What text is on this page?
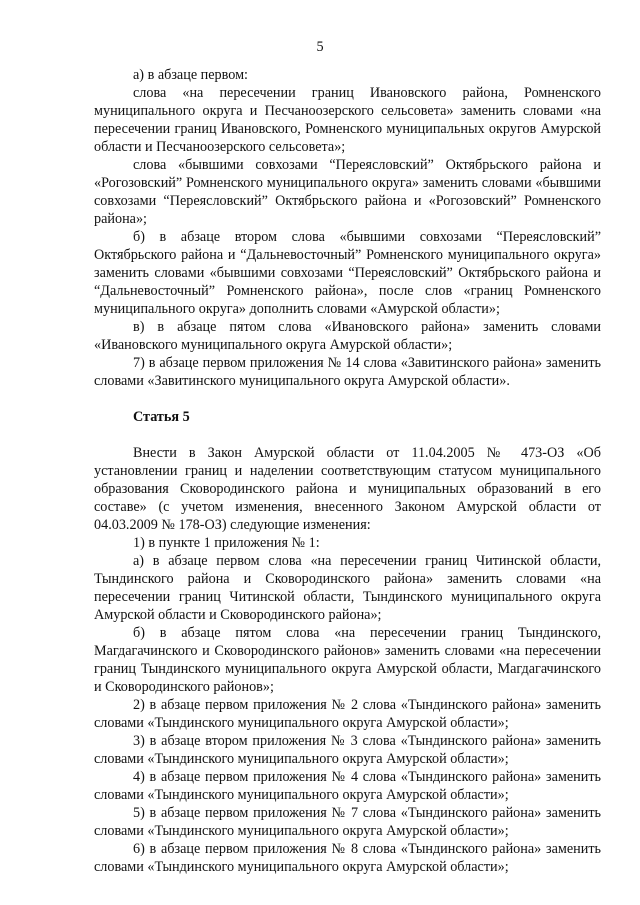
5

а) в абзаце первом:

слова «на пересечении границ Ивановского района, Ромненского муниципального округа и Песчаноозерского сельсовета» заменить словами «на пересечении границ Ивановского, Ромненского муниципальных округов Амурской области и Песчаноозерского сельсовета»;

слова «бывшими совхозами “Переясловский” Октябрьского района и «Рогозовский” Ромненского муниципального округа» заменить словами «бывшими совхозами “Переясловский” Октябрьского района и «Рогозовский” Ромненского района»;

б) в абзаце втором слова «бывшими совхозами “Переясловский” Октябрьского района и “Дальневосточный” Ромненского муниципального округа» заменить словами «бывшими совхозами “Переясловский” Октябрьского района и “Дальневосточный” Ромненского района», после слов «границ Ромненского муниципального округа» дополнить словами «Амурской области»;

в) в абзаце пятом слова «Ивановского района» заменить словами «Ивановского муниципального округа Амурской области»;

7) в абзаце первом приложения № 14 слова «Завитинского района» заменить словами «Завитинского муниципального округа Амурской области».

Статья 5

Внести в Закон Амурской области от 11.04.2005 № 473-ОЗ «Об установлении границ и наделении соответствующим статусом муниципального образования Сковородинского района и муниципальных образований в его составе» (с учетом изменения, внесенного Законом Амурской области от 04.03.2009 № 178-ОЗ) следующие изменения:

1) в пункте 1 приложения № 1:

а) в абзаце первом слова «на пересечении границ Читинской области, Тындинского района и Сковородинского района» заменить словами «на пересечении границ Читинской области, Тындинского муниципального округа Амурской области и Сковородинского района»;

б) в абзаце пятом слова «на пересечении границ Тындинского, Магдагачинского и Сковородинского районов» заменить словами «на пересечении границ Тындинского муниципального округа Амурской области, Магдагачинского и Сковородинского районов»;

2) в абзаце первом приложения № 2 слова «Тындинского района» заменить словами «Тындинского муниципального округа Амурской области»;

3) в абзаце втором приложения № 3 слова «Тындинского района» заменить словами «Тындинского муниципального округа Амурской области»;

4) в абзаце первом приложения № 4 слова «Тындинского района» заменить словами «Тындинского муниципального округа Амурской области»;

5) в абзаце первом приложения № 7 слова «Тындинского района» заменить словами «Тындинского муниципального округа Амурской области»;

6) в абзаце первом приложения № 8 слова «Тындинского района» заменить словами «Тындинского муниципального округа Амурской области»;
